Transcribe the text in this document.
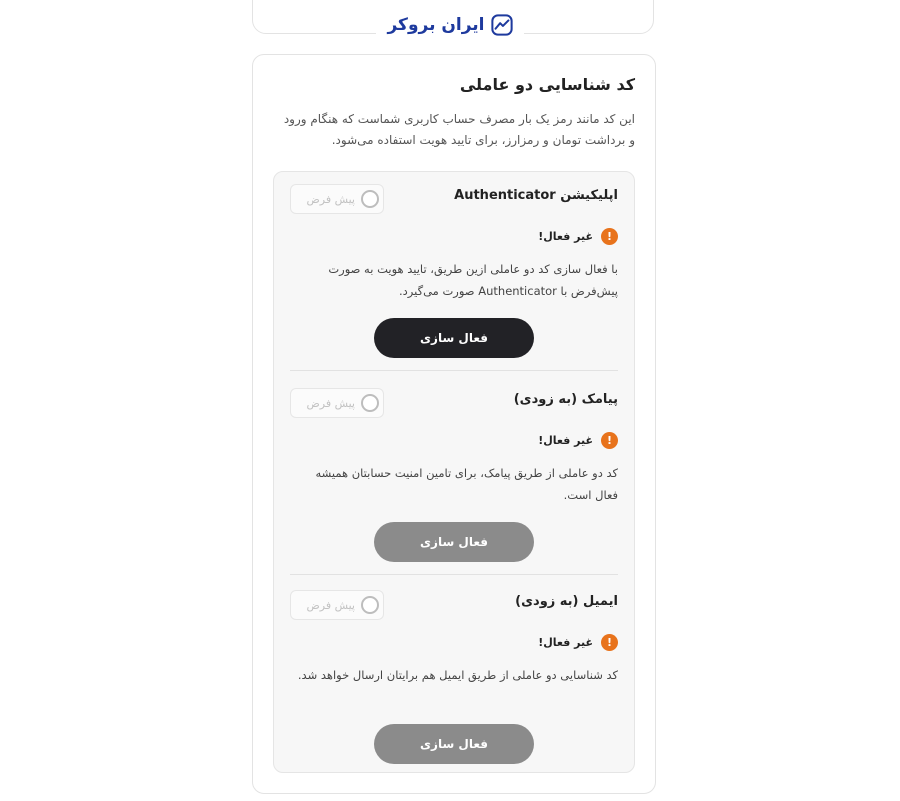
ایران بروکر
کد شناسایی دو عاملی
این کد مانند رمز یک بار مصرف حساب کاربری شماست که هنگام ورود و برداشت تومان و رمزارز، برای تایید هویت استفاده می‌شود.
اپلیکیشن Authenticator
پیش فرض
!
غیر فعال!
با فعال سازی کد دو عاملی ازین طریق، تایید هویت به صورت پیش‌فرض با Authenticator صورت می‌گیرد.
فعال سازی
پیامک (به زودی)
پیش فرض
!
غیر فعال!
کد دو عاملی از طریق پیامک، برای تامین امنیت حسابتان همیشه فعال است.
فعال سازی
ایمیل (به زودی)
پیش فرض
!
غیر فعال!
کد شناسایی دو عاملی از طریق ایمیل هم برایتان ارسال خواهد شد.
فعال سازی
